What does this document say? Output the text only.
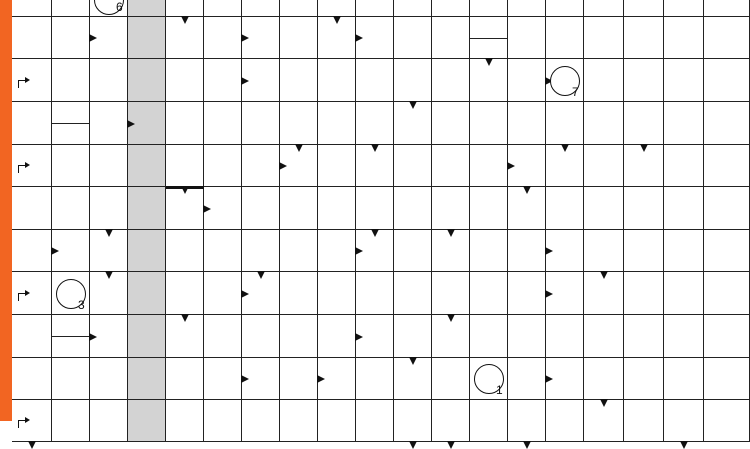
6
7
3
1
